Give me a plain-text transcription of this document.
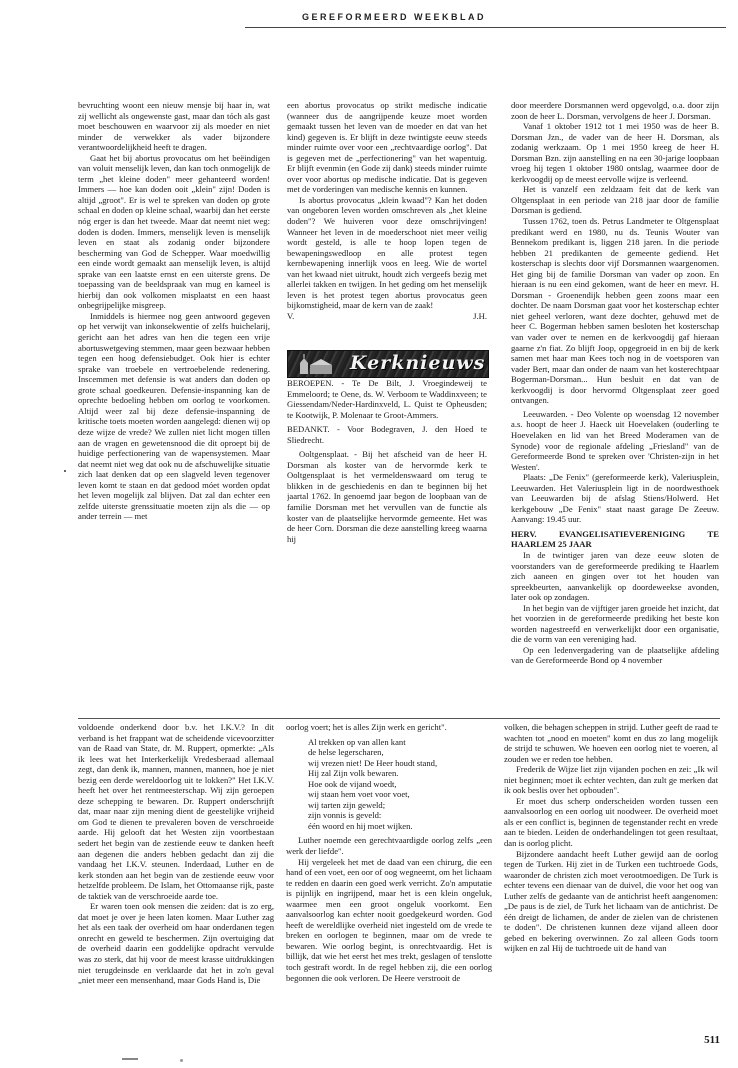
GEREFORMEERD WEEKBLAD

bevruchting woont een nieuw mensje bij haar in, wat zij wellicht als ongewenste gast, maar dan tóch als gast moet beschouwen en waarvoor zij als moeder en niet minder de verwekker als vader bijzondere verantwoordelijkheid heeft te dragen.

Gaat het bij abortus provocatus om het beëindigen van voluit menselijk leven, dan kan toch onmogelijk de term „het kleine doden" meer gehanteerd worden! Immers — hoe kan doden ooit „klein" zijn! Doden is altijd „groot". Er is wel te spreken van doden op grote schaal en doden op kleine schaal, waarbij dan het eerste nóg erger is dan het tweede. Maar dat neemt niet weg: doden is doden. Immers, menselijk leven is menselijk leven en staat als zodanig onder bijzondere bescherming van God de Schepper. Waar moedwillig een einde wordt gemaakt aan menselijk leven, is altijd sprake van een laatste ernst en een uiterste grens. De toepassing van de beeldspraak van mug en kameel is hierbij dan ook volkomen misplaatst en een haast onbegrijpelijke misgreep.

Inmiddels is hiermee nog geen antwoord gegeven op het verwijt van inkonsekwentie of zelfs huichelarij, gericht aan het adres van hen die tegen een vrije abortuswetgeving stemmen, maar geen bezwaar hebben tegen een hoog defensiebudget. Ook hier is echter sprake van troebele en vertroebelende redenering. Inscemmen met defensie is wat anders dan doden op grote schaal goedkeuren. Defensie-inspanning kan de oprechte bedoeling hebben om oorlog te voorkomen. Altijd weer zal bij deze defensie-inspanning de kritische toets moeten worden aangelegd: dienen wij op deze wijze de vrede? We zullen niet licht mogen tillen aan de vragen en gewetensnood die dit oproept bij de huidige perfectionering van de wapensystemen. Maar dat neemt niet weg dat ook nu de afschuwelijke situatie zich laat denken dat op een slagveld leven tegenover leven komt te staan en dat gedood móet worden opdat het leven mogelijk zal blijven. Dat zal dan echter een zelfde uiterste grenssituatie moeten zijn als die — op ander terrein — met

een abortus provocatus op strikt medische indicatie (wanneer dus de aangrijpende keuze moet worden gemaakt tussen het leven van de moeder en dat van het kind) gegeven is. Er blijft in deze twintigste eeuw steeds minder ruimte over voor een „rechtvaardige oorlog". Dat is gegeven met de „perfectionering" van het wapentuig. Er blijft evenmin (en Gode zij dank) steeds minder ruimte over voor abortus op medische indicatie. Dat is gegeven met de vorderingen van medische kennis en kunnen.

Is abortus provocatus „klein kwaad"? Kan het doden van ongeboren leven worden omschreven als „het kleine doden"? We huiveren voor deze omschrijvingen! Wanneer het leven in de moederschoot niet meer veilig wordt gesteld, is alle te hoop lopen tegen de bewapeningswedloop en alle protest tegen kernbewapening innerlijk voos en leeg. Wie de wortel van het kwaad niet uitrukt, houdt zich vergeefs bezig met allerlei takken en twijgen. In het geding om het menselijk leven is het protest tegen abortus provocatus geen bijkomstigheid, maar de kern van de zaak!

V.	J.H.
Kerknieuws

BEROEPEN. - Te De Bilt, J. Vroegindeweij te Emmeloord; te Oene, ds. W. Verboom te Waddinxveen; te Giessendam/Neder-Hardinxveld, L. Quist te Opheusden; te Kootwijk, P. Molenaar te Groot-Ammers.

BEDANKT. - Voor Bodegraven, J. den Hoed te Sliedrecht.

Ooltgensplaat. - Bij het afscheid van de heer H. Dorsman als koster van de hervormde kerk te Ooltgensplaat is het vermeldenswaard om terug te blikken in de geschiedenis en dan te beginnen bij het jaartal 1762. In genoemd jaar begon de loopbaan van de familie Dorsman met het vervullen van de functie als koster van de plaatselijke hervormde gemeente. Het was de heer Corn. Dorsman die deze aanstelling kreeg waarna hij

door meerdere Dorsmannen werd opgevolgd, o.a. door zijn zoon de heer L. Dorsman, vervolgens de heer J. Dorsman.

Vanaf 1 oktober 1912 tot 1 mei 1950 was de heer B. Dorsman Jzn., de vader van de heer H. Dorsman, als zodanig werkzaam. Op 1 mei 1950 kreeg de heer H. Dorsman Bzn. zijn aanstelling en na een 30-jarige loopbaan vroeg hij tegen 1 oktober 1980 ontslag, waarmee door de kerkvoogdij op de meest eervolle wijze is verleend.

Het is vanzelf een zeldzaam feit dat de kerk van Oltgensplaat in een periode van 218 jaar door de familie Dorsman is gediend.

Tussen 1762, toen ds. Petrus Landmeter te Oltgensplaat predikant werd en 1980, nu ds. Teunis Wouter van Bennekom predikant is, liggen 218 jaren. In die periode hebben 21 predikanten de gemeente gediend. Het kosterschap is slechts door vijf Dorsmannen waargenomen. Het ging bij de familie Dorsman van vader op zoon. En hieraan is nu een eind gekomen, want de heer en mevr. H. Dorsman - Groenendijk hebben geen zoons maar een dochter. De naam Dorsman gaat voor het kosterschap echter niet geheel verloren, want deze dochter, gehuwd met de heer C. Bogerman hebben samen besloten het kosterschap van vader over te nemen en de kerkvoogdij gaf hieraan gaarne z'n fiat. Zo blijft Joop, opgegroeid in en bij de kerk samen met haar man Kees toch nog in de voetsporen van vader Bert, maar dan onder de naam van het kosterechtpaar Bogerman-Dorsman... Hun besluit en dat van de kerkvoogdij is door hervormd Oltgensplaat zeer goed ontvangen.

Leeuwarden. - Deo Volente op woensdag 12 november a.s. hoopt de heer J. Haeck uit Hoevelaken (ouderling te Hoevelaken en lid van het Breed Moderamen van de Synode) voor de regionale afdeling „Friesland" van de Gereformeerde Bond te spreken over 'Christen-zijn in het Westen'.

Plaats: „De Fenix" (gereformeerde kerk), Valeriusplein, Leeuwarden. Het Valeriusplein ligt in de noordwesthoek van Leeuwarden bij de afslag Stiens/Holwerd. Het kerkgebouw „De Fenix" staat naast garage De Zeeuw. Aanvang: 19.45 uur.

HERV. EVANGELISATIEVERENIGING TE HAARLEM 25 JAAR

In de twintiger jaren van deze eeuw sloten de voorstanders van de gereformeerde prediking te Haarlem zich aaneen en gingen over tot het houden van spreekbeurten, aanvankelijk op doordeweekse avonden, later ook op zondagen.

In het begin van de vijftiger jaren groeide het inzicht, dat het voorzien in de gereformeerde prediking het beste kon worden nagestreefd en verwerkelijkt door een organisatie, die de vorm van een vereniging had.

Op een ledenvergadering van de plaatselijke afdeling van de Gereformeerde Bond op 4 november

voldoende onderkend door b.v. het I.K.V.? In dit verband is het frappant wat de scheidende vicevoorzitter van de Raad van State, dr. M. Ruppert, opmerkte: „Als ik lees wat het Interkerkelijk Vredesberaad allemaal zegt, dan denk ik, mannen, mannen, mannen, hoe je niet bezig een derde wereldoorlog uit te lokken?" Het I.K.V. heeft het over het rentmeesterschap. Wij zijn geroepen deze schepping te bewaren. Dr. Ruppert onderschrijft dat, maar naar zijn mening dient de geestelijke vrijheid om God te dienen te prevaleren boven de verschroeide aarde. Hij gelooft dat het Westen zijn voortbestaan sedert het begin van de zestiende eeuw te danken heeft aan degenen die anders hebben gedacht dan zij die vandaag het I.K.V. steunen. Inderdaad, Luther en de kerk stonden aan het begin van de zestiende eeuw voor hetzelfde probleem. De Islam, het Ottomaanse rijk, paste de taktiek van de verschroeide aarde toe.

Er waren toen ook mensen die zeiden: dat is zo erg, dat moet je over je heen laten komen. Maar Luther zag het als een taak der overheid om haar onderdanen tegen onrecht en geweld te beschermen. Zijn overtuiging dat de overheid daarin een goddelijke opdracht vervulde was zo sterk, dat hij voor de meest krasse uitdrukkingen niet terugdeinsde en verklaarde dat het in zo'n geval „niet meer een mensenhand, maar Gods Hand is, Die

oorlog voert; het is alles Zijn werk en gericht".

Al trekken op van allen kant
de helse legerscharen,
wij vrezen niet! De Heer houdt stand,
Hij zal Zijn volk bewaren.
Hoe ook de vijand woedt,
wij staan hem voet voor voet,
wij tarten zijn geweld;
zijn vonnis is geveld:
één woord en hij moet wijken.

Luther noemde een gerechtvaardigde oorlog zelfs „een werk der liefde".

Hij vergeleek het met de daad van een chirurg, die een hand of een voet, een oor of oog wegneemt, om het lichaam te redden en daarin een goed werk verricht. Zo'n amputatie is pijnlijk en ingrijpend, maar het is een klein ongeluk, waarmee men een groot ongeluk voorkomt. Een aanvalsoorlog kan echter nooit goedgekeurd worden. God heeft de wereldlijke overheid niet ingesteld om de vrede te breken en oorlogen te beginnen, maar om de vrede te bewaren. Wie oorlog begint, is onrechtvaardig. Het is billijk, dat wie het eerst het mes trekt, geslagen of tenslotte toch gestraft wordt. In de regel hebben zij, die een oorlog begonnen die ook verloren. De Heere verstrooit de

volken, die behagen scheppen in strijd. Luther geeft de raad te wachten tot „nood en moeten" komt en dus zo lang mogelijk de strijd te schuwen. We hoeven een oorlog niet te voeren, al zouden we er reden toe hebben.

Frederik de Wijze liet zijn vijanden pochen en zei: „Ik wil niet beginnen; moet ik echter vechten, dan zult ge merken dat ik ook beslis over het opbouden".

Er moet dus scherp onderscheiden worden tussen een aanvalsoorlog en een oorlog uit noodweer. De overheid moet als er een conflict is, beginnen de tegenstander recht en vrede aan te bieden. Leiden de onderhandelingen tot geen resultaat, dan is oorlog plicht.

Bijzondere aandacht heeft Luther gewijd aan de oorlog tegen de Turken. Hij ziet in de Turken een tuchtroede Gods, waaronder de christen zich moet verootmoedigen. De Turk is echter tevens een dienaar van de duivel, die voor het oog van Luther zelfs de gedaante van de antichrist heeft aangenomen: „De paus is de ziel, de Turk het lichaam van de antichrist. De één dreigt de lichamen, de ander de zielen van de christenen te doden". De christenen kunnen deze vijand alleen door gebed en bekering overwinnen. Zo zal alleen Gods toorn wijken en zal Hij de tuchtroede uit de hand van

511
